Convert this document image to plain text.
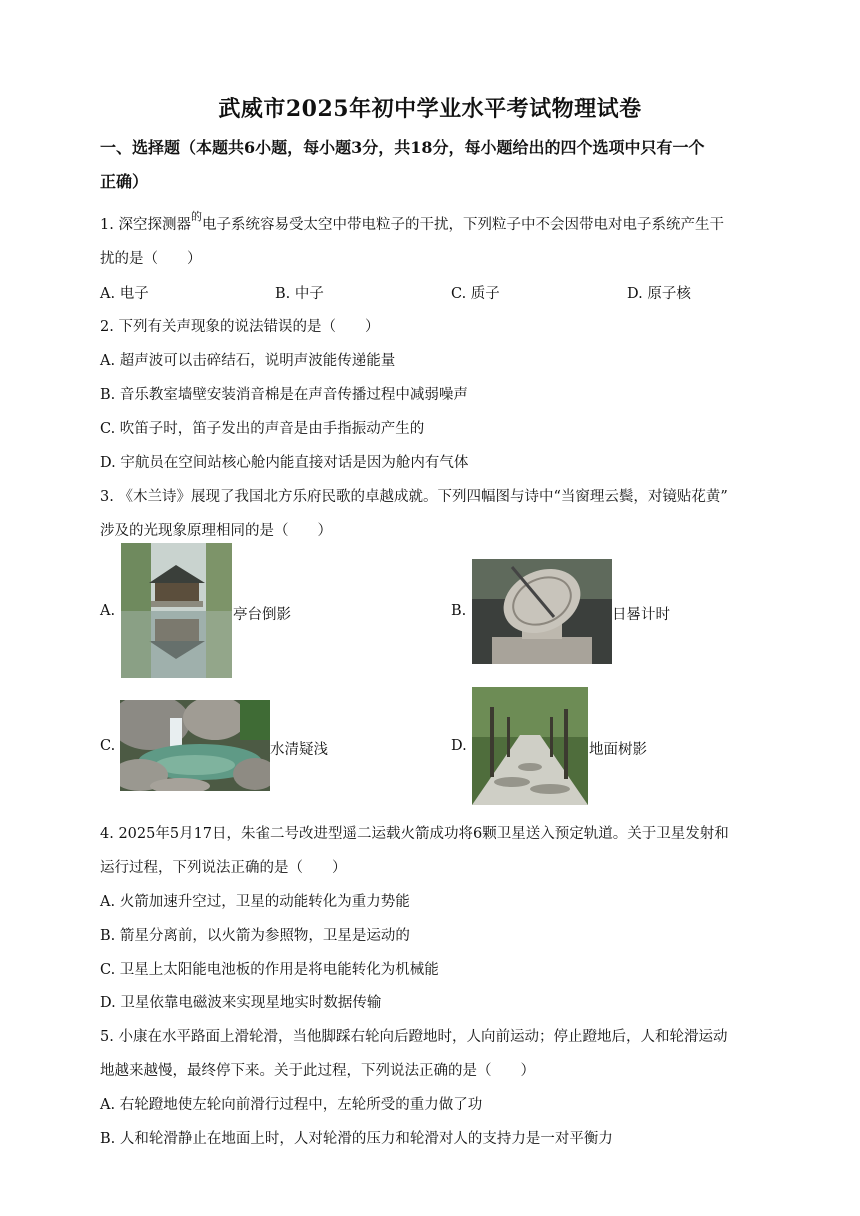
武威市2025年初中学业水平考试物理试卷
一、选择题（本题共6小题，每小题3分，共18分，每小题给出的四个选项中只有一个
正确）
1. 深空探测器$^的$电子系统容易受太空中带电粒子的干扰，下列粒子中不会因带电对电子系统产生干
扰的是（　　）
A. 电子	B. 中子	C. 质子	D. 原子核
2. 下列有关声现象的说法错误的是（　　）
A. 超声波可以击碎结石，说明声波能传递能量
B. 音乐教室墙壁安装消音棉是在声音传播过程中减弱噪声
C. 吹笛子时，笛子发出的声音是由手指振动产生的
D. 宇航员在空间站核心舱内能直接对话是因为舱内有气体
3. 《木兰诗》展现了我国北方乐府民歌的卓越成就。下列四幅图与诗中“当窗理云鬓，对镜贴花黄”
涉及的光现象原理相同的是（　　）
A.	亭台倒影	B.	日晷计时
C.	水清疑浅	D.	地面树影
4. 2025年5月17日，朱雀二号改进型遥二运载火箭成功将6颗卫星送入预定轨道。关于卫星发射和
运行过程，下列说法正确的是（　　）
A. 火箭加速升空过，卫星的动能转化为重力势能
B. 箭星分离前，以火箭为参照物，卫星是运动的
C. 卫星上太阳能电池板的作用是将电能转化为机械能
D. 卫星依靠电磁波来实现星地实时数据传输
5. 小康在水平路面上滑轮滑，当他脚踩右轮向后蹬地时，人向前运动；停止蹬地后，人和轮滑运动
地越来越慢，最终停下来。关于此过程，下列说法正确的是（　　）
A. 右轮蹬地使左轮向前滑行过程中，左轮所受的重力做了功
B. 人和轮滑静止在地面上时，人对轮滑的压力和轮滑对人的支持力是一对平衡力
